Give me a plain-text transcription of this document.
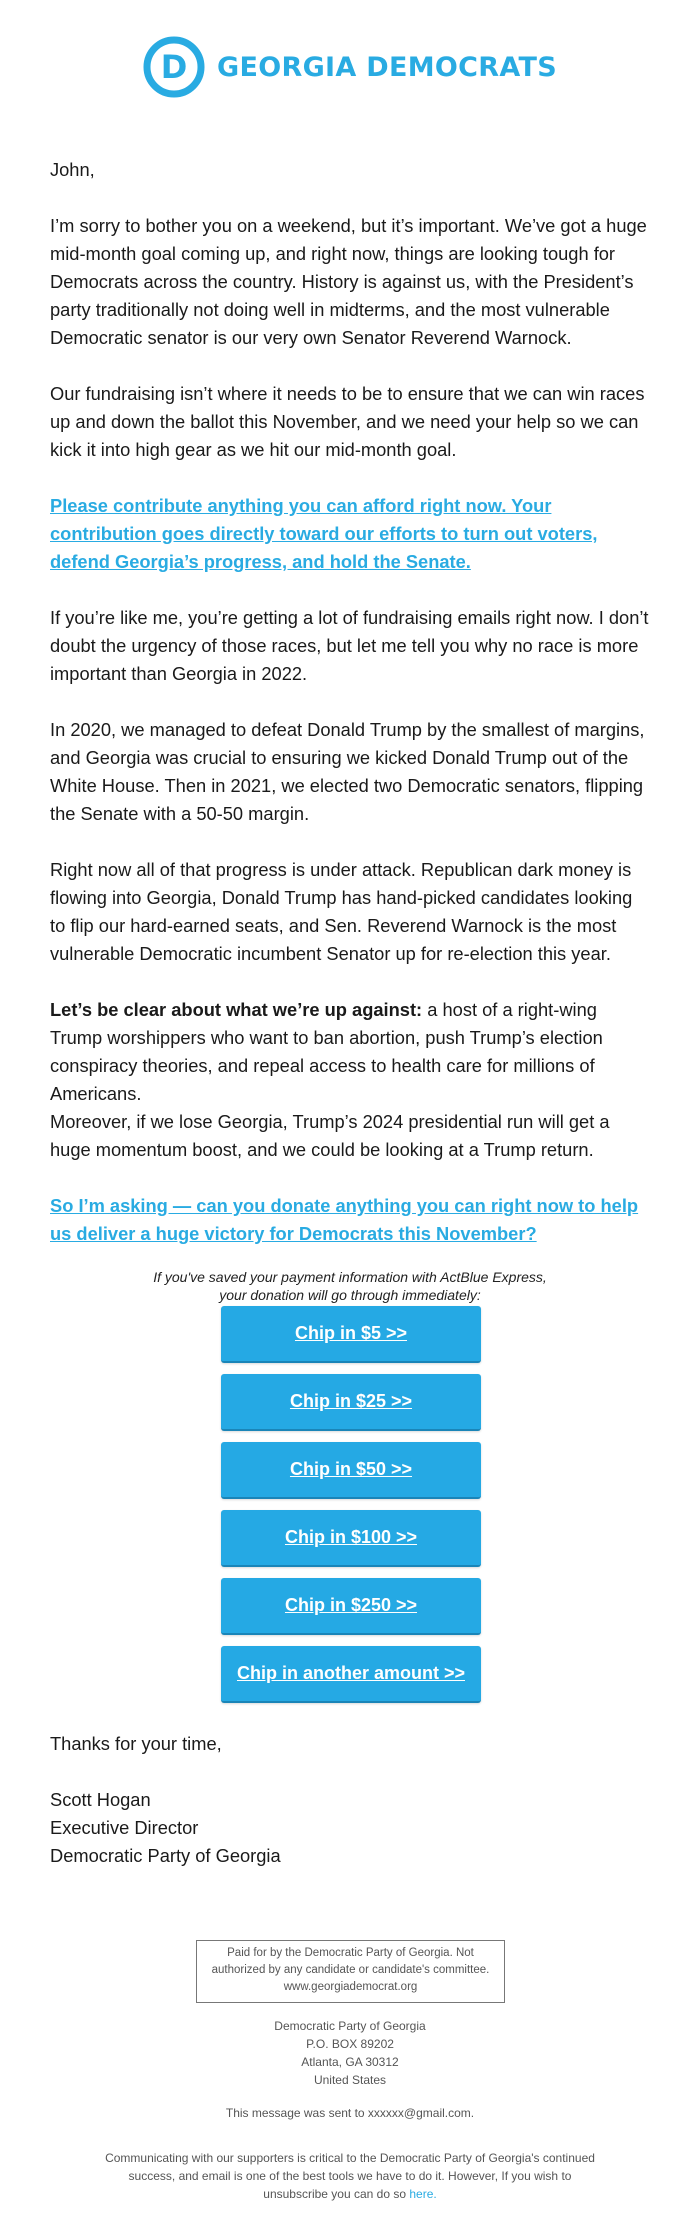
D GEORGIA DEMOCRATS

John,

I’m sorry to bother you on a weekend, but it’s important. We’ve got a huge mid-month goal coming up, and right now, things are looking tough for Democrats across the country. History is against us, with the President’s party traditionally not doing well in midterms, and the most vulnerable Democratic senator is our very own Senator Reverend Warnock.

Our fundraising isn’t where it needs to be to ensure that we can win races up and down the ballot this November, and we need your help so we can kick it into high gear as we hit our mid-month goal.

Please contribute anything you can afford right now. Your contribution goes directly toward our efforts to turn out voters, defend Georgia’s progress, and hold the Senate.

If you’re like me, you’re getting a lot of fundraising emails right now. I don’t doubt the urgency of those races, but let me tell you why no race is more important than Georgia in 2022.

In 2020, we managed to defeat Donald Trump by the smallest of margins, and Georgia was crucial to ensuring we kicked Donald Trump out of the White House. Then in 2021, we elected two Democratic senators, flipping the Senate with a 50-50 margin.

Right now all of that progress is under attack. Republican dark money is flowing into Georgia, Donald Trump has hand-picked candidates looking to flip our hard-earned seats, and Sen. Reverend Warnock is the most vulnerable Democratic incumbent Senator up for re-election this year.

Let’s be clear about what we’re up against: a host of a right-wing Trump worshippers who want to ban abortion, push Trump’s election conspiracy theories, and repeal access to health care for millions of Americans.

Moreover, if we lose Georgia, Trump’s 2024 presidential run will get a huge momentum boost, and we could be looking at a Trump return.

So I’m asking — can you donate anything you can right now to help us deliver a huge victory for Democrats this November?

If you've saved your payment information with ActBlue Express,
your donation will go through immediately:
Chip in $5 >>
Chip in $25 >>
Chip in $50 >>
Chip in $100 >>
Chip in $250 >>
Chip in another amount >>
Thanks for your time,
Scott Hogan
Executive Director
Democratic Party of Georgia
Paid for by the Democratic Party of Georgia. Not
authorized by any candidate or candidate's committee.
www.georgiademocrat.org
Democratic Party of Georgia
P.O. BOX 89202
Atlanta, GA 30312
United States
This message was sent to xxxxxx@gmail.com.
Communicating with our supporters is critical to the Democratic Party of Georgia's continued success, and email is one of the best tools we have to do it. However, If you wish to unsubscribe you can do so here.
